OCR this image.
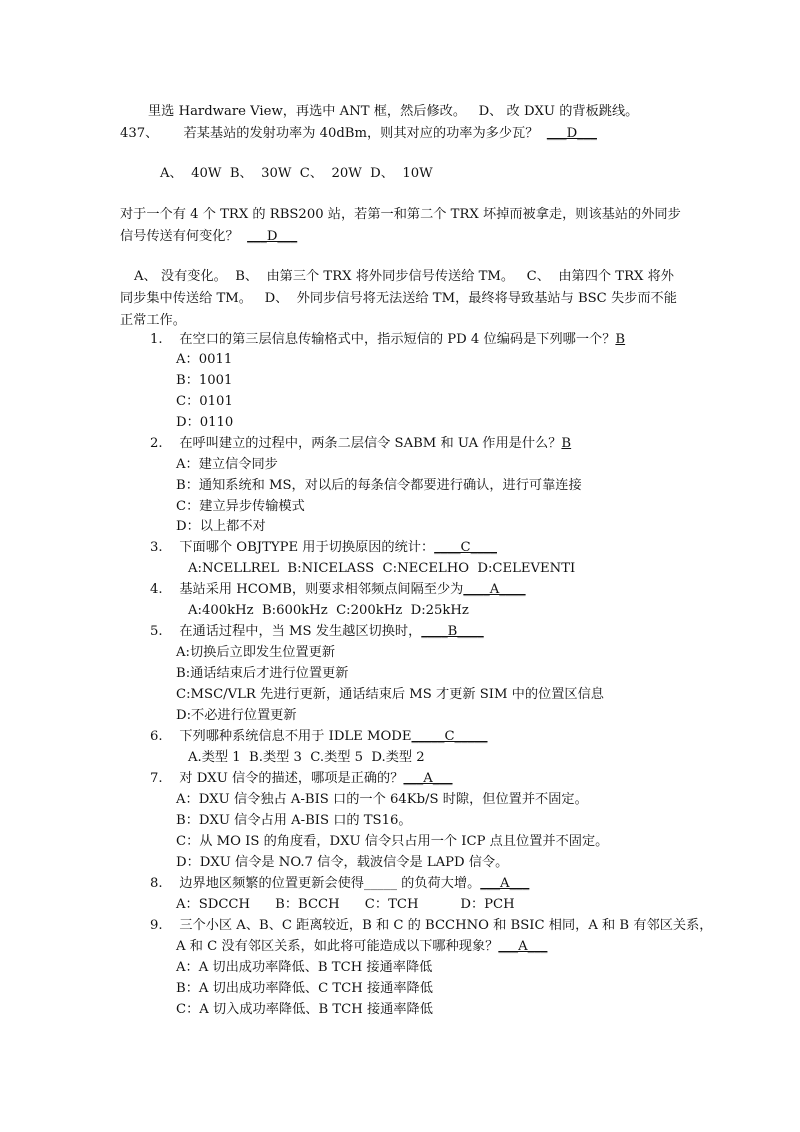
里选 Hardware View，再选中 ANT 框，然后修改。   D、 改 DXU 的背板跳线。
437、      若某基站的发射功率为 40dBm，则其对应的功率为多少瓦？  ___D___
A、  40W  B、  30W  C、  20W  D、  10W
对于一个有 4 个 TRX 的 RBS200 站，若第一和第二个 TRX 坏掉而被拿走，则该基站的外同步
信号传送有何变化？  ___D___
A、 没有变化。  B、  由第三个 TRX 将外同步信号传送给 TM。   C、  由第四个 TRX 将外
同步集中传送给 TM。   D、  外同步信号将无法送给 TM，最终将导致基站与 BSC 失步而不能
正常工作。
1.    在空口的第三层信息传输格式中，指示短信的 PD 4 位编码是下列哪一个？B
A：0011
B：1001
C：0101
D：0110
2.    在呼叫建立的过程中，两条二层信令 SABM 和 UA 作用是什么？B
A：建立信令同步
B：通知系统和 MS，对以后的每条信令都要进行确认，进行可靠连接
C：建立异步传输模式
D：以上都不对
3.    下面哪个 OBJTYPE 用于切换原因的统计：____C____
A:NCELLREL  B:NICELASS  C:NECELHO  D:CELEVENTI
4.    基站采用 HCOMB，则要求相邻频点间隔至少为____A____
A:400kHz  B:600kHz  C:200kHz  D:25kHz
5.    在通话过程中，当 MS 发生越区切换时，____B____
A:切换后立即发生位置更新
B:通话结束后才进行位置更新
C:MSC/VLR 先进行更新，通话结束后 MS 才更新 SIM 中的位置区信息
D:不必进行位置更新
6.    下列哪种系统信息不用于 IDLE MODE_____C_____
A.类型 1  B.类型 3  C.类型 5  D.类型 2
7.    对 DXU 信令的描述，哪项是正确的？___A___
A：DXU 信令独占 A-BIS 口的一个 64Kb/S 时隙，但位置并不固定。
B：DXU 信令占用 A-BIS 口的 TS16。
C：从 MO IS 的角度看，DXU 信令只占用一个 ICP 点且位置并不固定。
D：DXU 信令是 NO.7 信令，载波信令是 LAPD 信令。
8.    边界地区频繁的位置更新会使得_____ 的负荷大增。___A___
A：SDCCH      B：BCCH      C：TCH          D：PCH
9.    三个小区 A、B、C 距离较近，B 和 C 的 BCCHNO 和 BSIC 相同，A 和 B 有邻区关系，
A 和 C 没有邻区关系，如此将可能造成以下哪种现象？___A___
A：A 切出成功率降低、B TCH 接通率降低
B：A 切出成功率降低、C TCH 接通率降低
C：A 切入成功率降低、B TCH 接通率降低
